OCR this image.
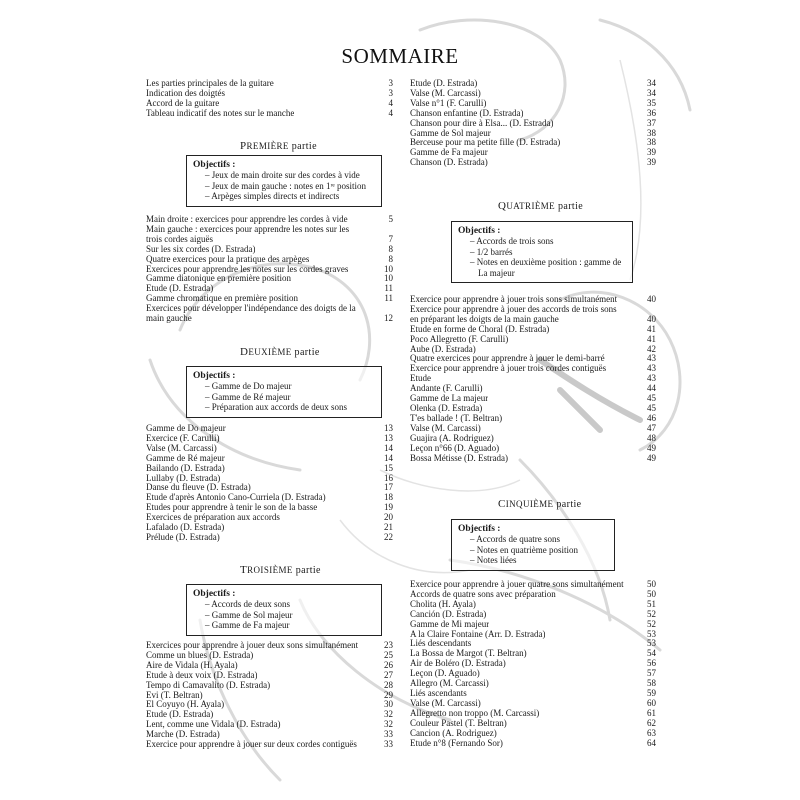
SOMMAIRE
Les parties principales de la guitare	3
Indication des doigtés	3
Accord de la guitare	4
Tableau indicatif des notes sur le manche	4
PREMIÈRE partie
Objectifs :
– Jeux de main droite sur des cordes à vide
– Jeux de main gauche : notes en 1ʳᵉ position
– Arpèges simples directs et indirects
Main droite : exercices pour apprendre les cordes à vide	5
Main gauche : exercices pour apprendre les notes sur les
trois cordes aiguës	7
Sur les six cordes (D. Estrada)	8
Quatre exercices pour la pratique des arpèges	8
Exercices pour apprendre les notes sur les cordes graves	10
Gamme diatonique en première position	10
Etude (D. Estrada)	11
Gamme chromatique en première position	11
Exercices pour développer l'indépendance des doigts de la
main gauche	12
DEUXIÈME partie
Objectifs :
– Gamme de Do majeur
– Gamme de Ré majeur
– Préparation aux accords de deux sons
Gamme de Do majeur	13
Exercice (F. Carulli)	13
Valse (M. Carcassi)	14
Gamme de Ré majeur	14
Bailando (D. Estrada)	15
Lullaby (D. Estrada)	16
Danse du fleuve (D. Estrada)	17
Etude d'après Antonio Cano-Curriela (D. Estrada)	18
Etudes pour apprendre à tenir le son de la basse	19
Exercices de préparation aux accords	20
Lafalado (D. Estrada)	21
Prélude (D. Estrada)	22
TROISIÈME partie
Objectifs :
– Accords de deux sons
– Gamme de Sol majeur
– Gamme de Fa majeur
Exercices pour apprendre à jouer deux sons simultanément	23
Comme un blues (D. Estrada)	25
Aire de Vidala (H. Ayala)	26
Etude à deux voix (D. Estrada)	27
Tempo di Camavalito (D. Estrada)	28
Evi (T. Beltran)	29
El Coyuyo (H. Ayala)	30
Etude (D. Estrada)	32
Lent, comme une Vidala (D. Estrada)	32
Marche (D. Estrada)	33
Exercice pour apprendre à jouer sur deux cordes contiguës	33
Etude (D. Estrada)	34
Valse (M. Carcassi)	34
Valse n°1 (F. Carulli)	35
Chanson enfantine (D. Estrada)	36
Chanson pour dire à Elsa... (D. Estrada)	37
Gamme de Sol majeur	38
Berceuse pour ma petite fille (D. Estrada)	38
Gamme de Fa majeur	39
Chanson (D. Estrada)	39
QUATRIÈME partie
Objectifs :
– Accords de trois sons
– 1/2 barrés
– Notes en deuxième position : gamme de
La majeur
Exercice pour apprendre à jouer trois sons simultanément	40
Exercice pour apprendre à jouer des accords de trois sons
en préparant les doigts de la main gauche	40
Etude en forme de Choral (D. Estrada)	41
Poco Allegretto (F. Carulli)	41
Aube (D. Estrada)	42
Quatre exercices pour apprendre à jouer le demi-barré	43
Exercice pour apprendre à jouer trois cordes contiguës	43
Etude	43
Andante (F. Carulli)	44
Gamme de La majeur	45
Olenka (D. Estrada)	45
T'es ballade ! (T. Beltran)	46
Valse (M. Carcassi)	47
Guajira (A. Rodriguez)	48
Leçon n°66 (D. Aguado)	49
Bossa Métisse (D. Estrada)	49
CINQUIÈME partie
Objectifs :
– Accords de quatre sons
– Notes en quatrième position
– Notes liées
Exercice pour apprendre à jouer quatre sons simultanément	50
Accords de quatre sons avec préparation	50
Cholita (H. Ayala)	51
Canción (D. Estrada)	52
Gamme de Mi majeur	52
A la Claire Fontaine (Arr. D. Estrada)	53
Liés descendants	53
La Bossa de Margot (T. Beltran)	54
Air de Boléro (D. Estrada)	56
Leçon (D. Aguado)	57
Allegro (M. Carcassi)	58
Liés ascendants	59
Valse (M. Carcassi)	60
Allegretto non troppo (M. Carcassi)	61
Couleur Pastel (T. Beltran)	62
Cancion (A. Rodriguez)	63
Etude n°8 (Fernando Sor)	64
